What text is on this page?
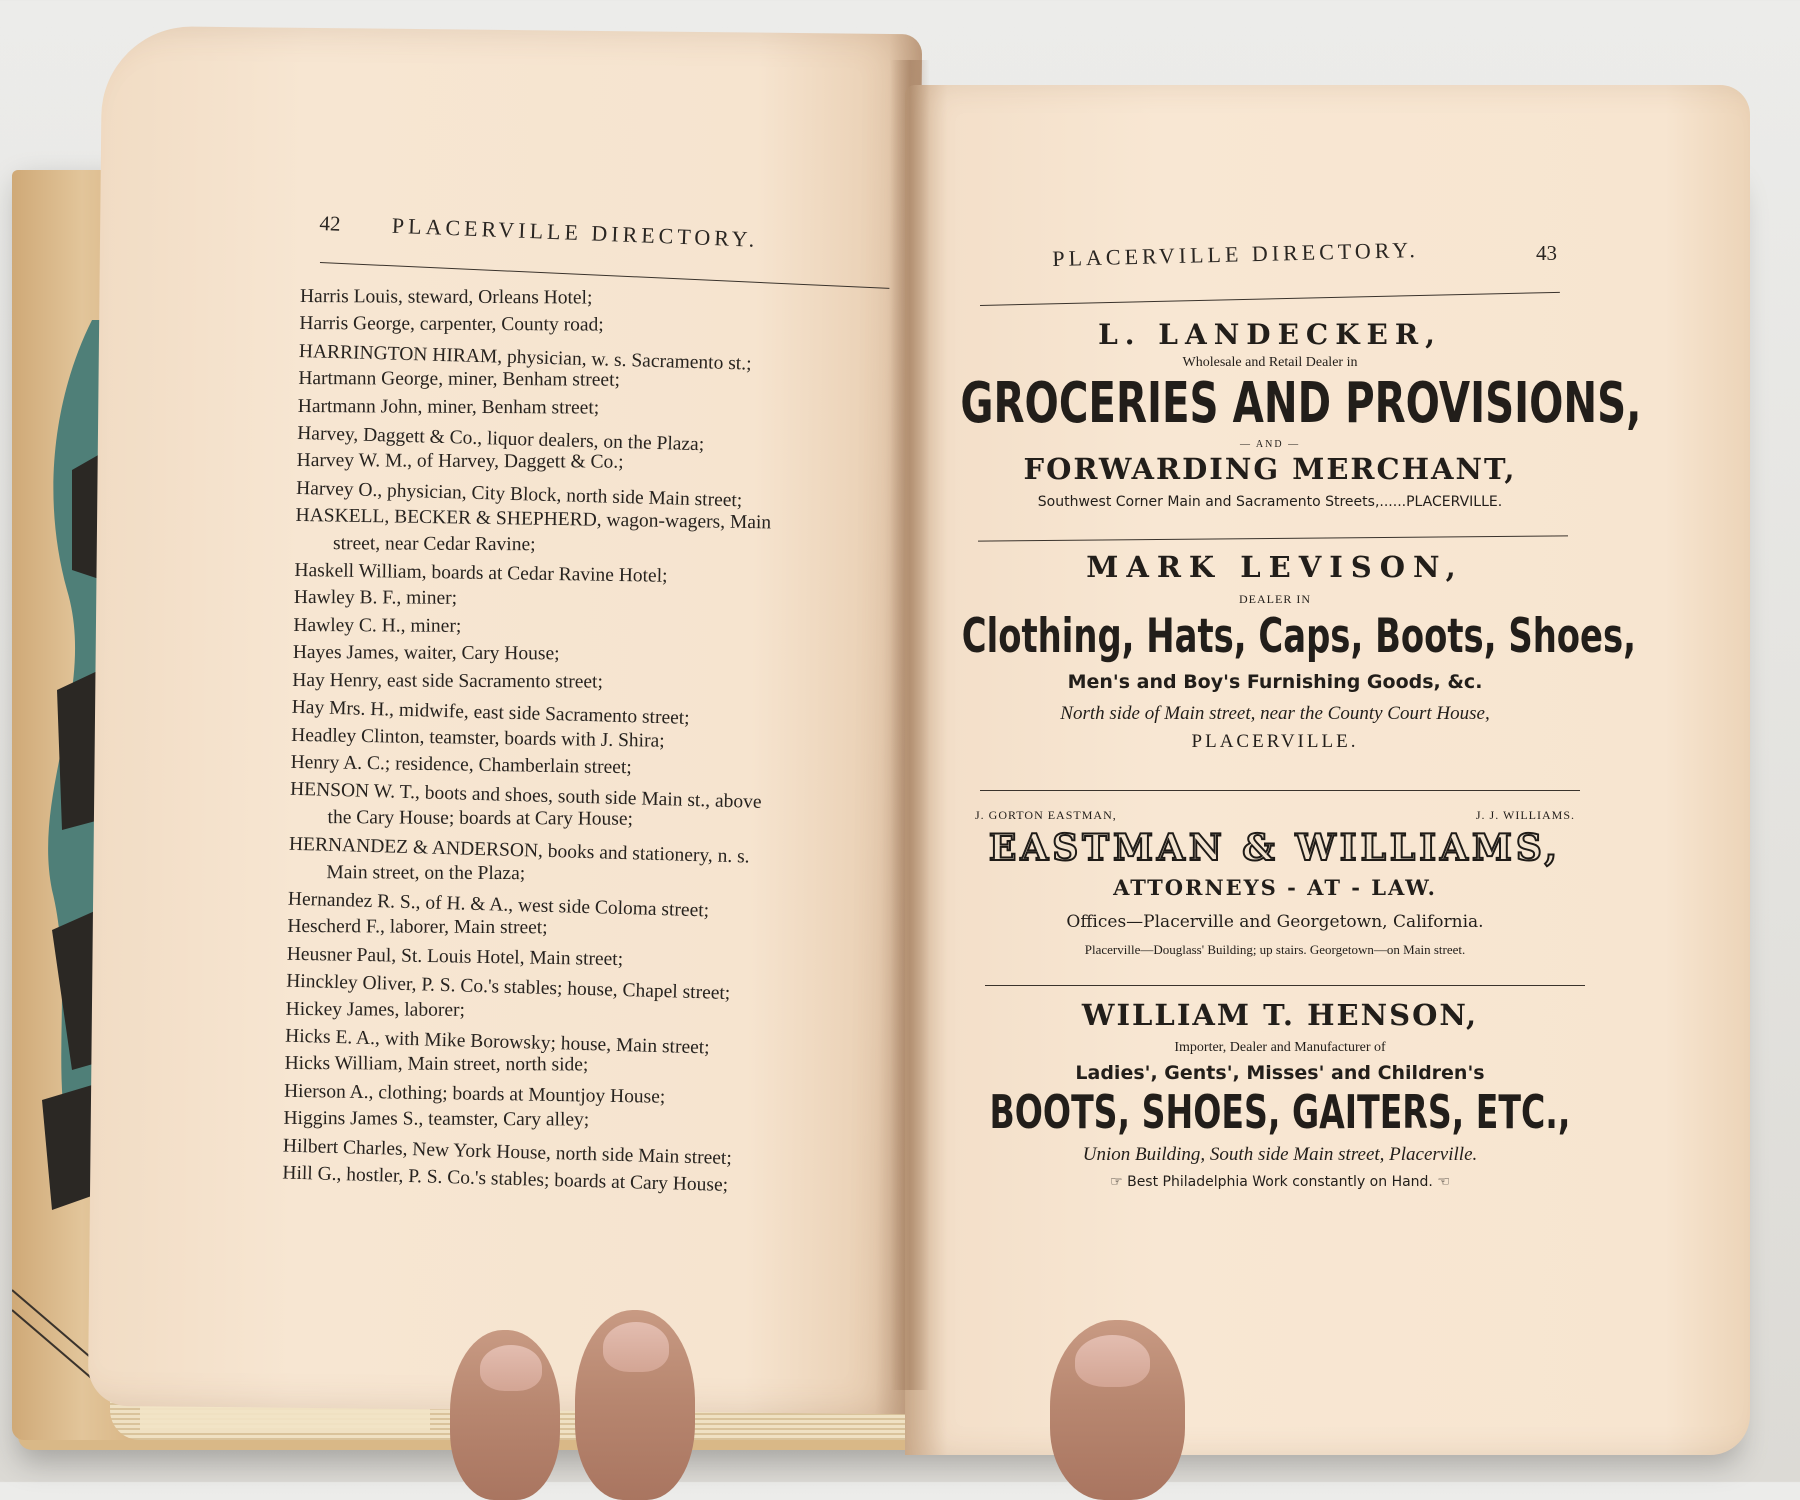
42 PLACERVILLE DIRECTORY.
Harris Louis, steward, Orleans Hotel;
Harris George, carpenter, County road;
HARRINGTON HIRAM, physician, w. s. Sacramento st.;
Hartmann George, miner, Benham street;
Hartmann John, miner, Benham street;
Harvey, Daggett & Co., liquor dealers, on the Plaza;
Harvey W. M., of Harvey, Daggett & Co.;
Harvey O., physician, City Block, north side Main street;
HASKELL, BECKER & SHEPHERD, wagon-wagers, Main
street, near Cedar Ravine;
Haskell William, boards at Cedar Ravine Hotel;
Hawley B. F., miner;
Hawley C. H., miner;
Hayes James, waiter, Cary House;
Hay Henry, east side Sacramento street;
Hay Mrs. H., midwife, east side Sacramento street;
Headley Clinton, teamster, boards with J. Shira;
Henry A. C.; residence, Chamberlain street;
HENSON W. T., boots and shoes, south side Main st., above
the Cary House; boards at Cary House;
HERNANDEZ & ANDERSON, books and stationery, n. s.
Main street, on the Plaza;
Hernandez R. S., of H. & A., west side Coloma street;
Hescherd F., laborer, Main street;
Heusner Paul, St. Louis Hotel, Main street;
Hinckley Oliver, P. S. Co.'s stables; house, Chapel street;
Hickey James, laborer;
Hicks E. A., with Mike Borowsky; house, Main street;
Hicks William, Main street, north side;
Hierson A., clothing; boards at Mountjoy House;
Higgins James S., teamster, Cary alley;
Hilbert Charles, New York House, north side Main street;
Hill G., hostler, P. S. Co.'s stables; boards at Cary House;
PLACERVILLE DIRECTORY.	43
L. LANDECKER,
Wholesale and Retail Dealer in
GROCERIES AND PROVISIONS,
— AND —
FORWARDING MERCHANT,
Southwest Corner Main and Sacramento Streets,......PLACERVILLE.
MARK LEVISON,
DEALER IN
Clothing, Hats, Caps, Boots, Shoes,
Men's and Boy's Furnishing Goods, &c.
North side of Main street, near the County Court House,
PLACERVILLE.
J. GORTON EASTMAN,	J. J. WILLIAMS.
EASTMAN & WILLIAMS,
ATTORNEYS - AT - LAW.
Offices—Placerville and Georgetown, California.
Placerville—Douglass' Building; up stairs. Georgetown—on Main street.
WILLIAM T. HENSON,
Importer, Dealer and Manufacturer of
Ladies', Gents', Misses' and Children's
BOOTS, SHOES, GAITERS, ETC.,
Union Building, South side Main street, Placerville.
☞ Best Philadelphia Work constantly on Hand. ☜
